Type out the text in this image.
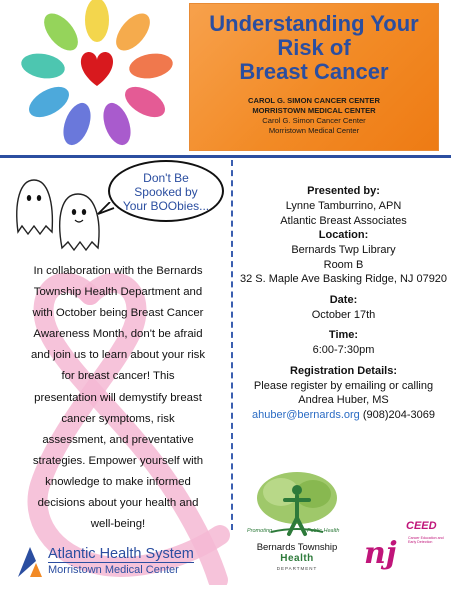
Understanding Your
Risk of
Breast Cancer
CAROL G. SIMON CANCER CENTER
MORRISTOWN MEDICAL CENTER
Carol G. Simon Cancer Center
Morristown Medical Center
Don't Be
Spooked by
Your BOObies...
In collaboration with the Bernards
Township Health Department and
with October being Breast Cancer
Awareness Month, don't be afraid
and join us to learn about your risk
for breast cancer! This
presentation will demystify breast
cancer symptoms, risk
assessment, and preventative
strategies. Empower yourself with
knowledge to make informed
decisions about your health and
well-being!
Presented by:
Lynne Tamburrino, APN
Atlantic Breast Associates
Location:
Bernards Twp Library
Room B
32 S. Maple Ave Basking Ridge, NJ 07920
Date:
October 17th
Time:
6:00-7:30pm
Registration Details:
Please register by emailing or calling
Andrea Huber, MS
ahuber@bernards.org (908)204-3069
Atlantic Health System
Morristown Medical Center
Promoting	Public Health
Bernards Township
Health
DEPARTMENT	nj
CEED
Cancer Education and Early Detection
